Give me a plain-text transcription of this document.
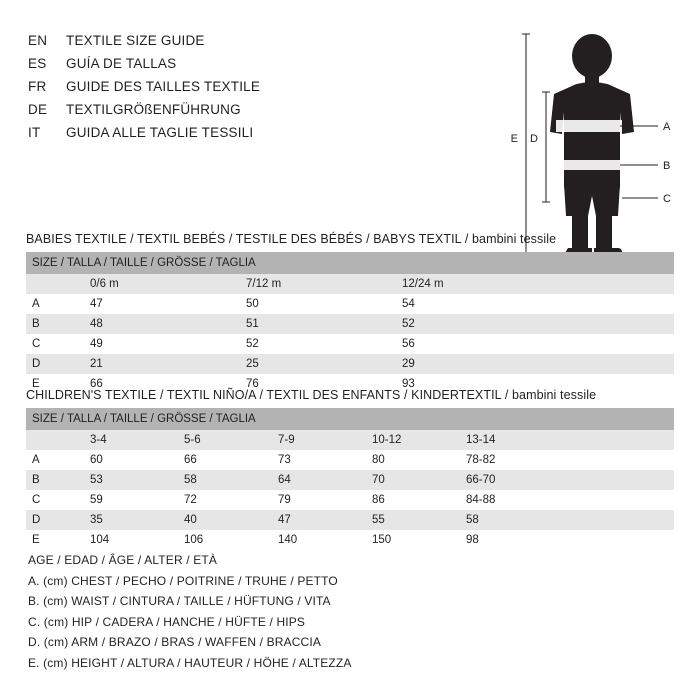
EN	TEXTILE SIZE GUIDE
ES	GUÍA DE TALLAS
FR	GUIDE DES TAILLES TEXTILE
DE	TEXTILGRÖßENFÜHRUNG
IT	GUIDA ALLE TAGLIE TESSILI	A
B
C
D
E
BABIES TEXTILE / TEXTIL BEBÉS / TESTILE DES BÉBÉS / BABYS TEXTIL / bambini tessile
SIZE / TALLA / TAILLE / GRÖSSE / TAGLIA			
	0/6 m	7/12 m	12/24 m
A	47	50	54
B	48	51	52
C	49	52	56
D	21	25	29
E	66	76	93
CHILDREN'S TEXTILE / TEXTIL NIÑO/A / TEXTIL DES ENFANTS / KINDERTEXTIL / bambini tessile
SIZE / TALLA / TAILLE / GRÖSSE / TAGLIA					
	3-4	5-6	7-9	10-12	13-14
A	60	66	73	80	78-82
B	53	58	64	70	66-70
C	59	72	79	86	84-88
D	35	40	47	55	58
E	104	106	140	150	98
AGE / EDAD / ÂGE / ALTER / ETÀ
A. (cm) CHEST / PECHO / POITRINE / TRUHE / PETTO
B. (cm) WAIST / CINTURA / TAILLE / HÜFTUNG / VITA
C. (cm) HIP / CADERA / HANCHE / HÜFTE / HIPS
D. (cm) ARM / BRAZO / BRAS / WAFFEN / BRACCIA
E. (cm) HEIGHT / ALTURA / HAUTEUR / HÖHE / ALTEZZA
